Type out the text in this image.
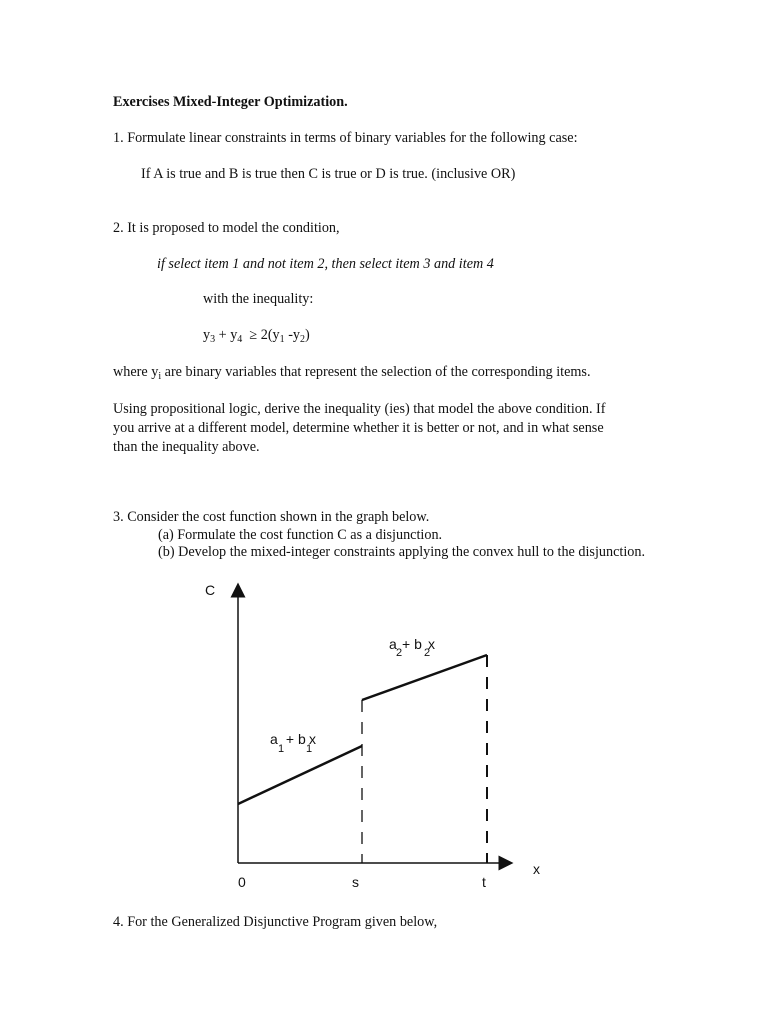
Exercises Mixed-Integer Optimization.
1. Formulate linear constraints in terms of binary variables for the following case:
If A is true and B is true then C is true or D is true. (inclusive OR)
2. It is proposed to model the condition,
if select item 1 and not item 2, then select item 3 and item 4
with the inequality:
$y_3 + y_4 \ge 2(y_1$ $-y_2$)
where $y_i$ are binary variables that represent the selection of the corresponding items.
Using propositional logic, derive the inequality (ies) that model the above condition. If
you arrive at a different model, determine whether it is better or not, and in what sense
than the inequality above.
3. Consider the cost function shown in the graph below.
(a) Formulate the cost function C as a disjunction.
(b) Develop the mixed-integer constraints applying the convex hull to the disjunction.
C
x
0	s	t
a
1
+ b
1
x
a
2
+ b
2
x
4. For the Generalized Disjunctive Program given below,
